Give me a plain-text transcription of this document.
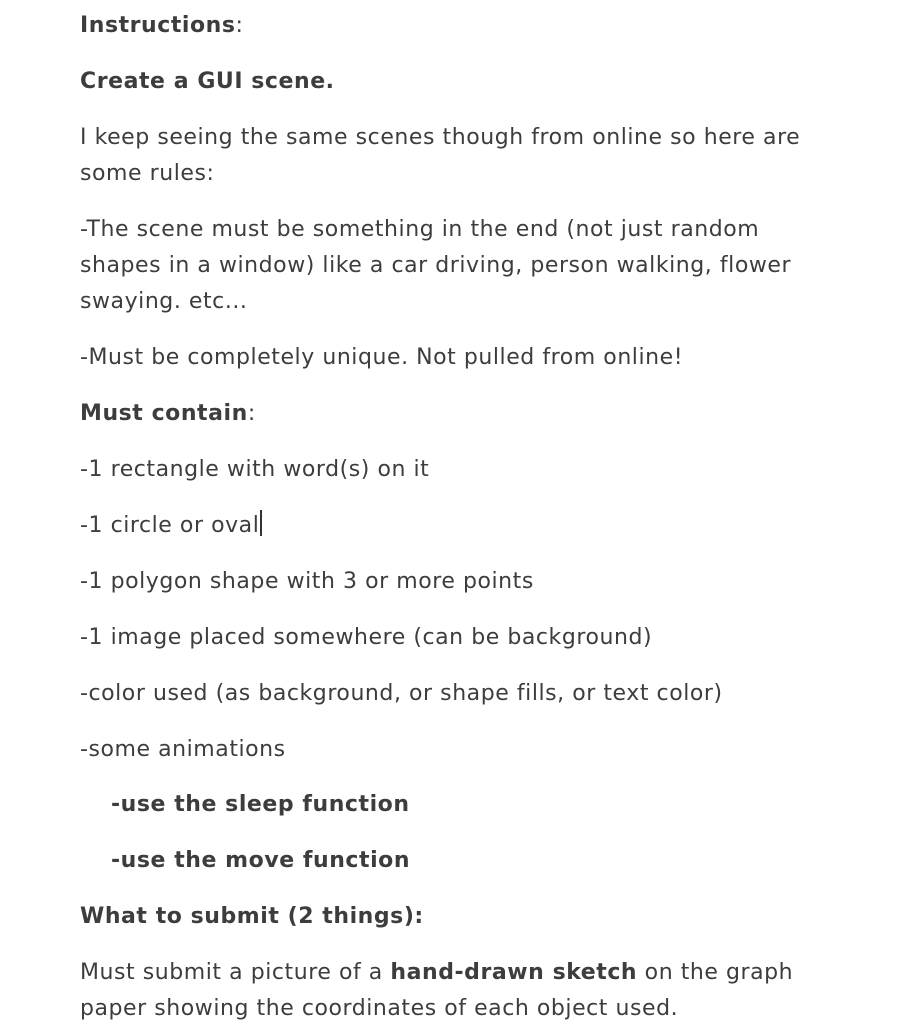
Instructions:

Create a GUI scene.

I keep seeing the same scenes though from online so here are

some rules:

-The scene must be something in the end (not just random

shapes in a window) like a car driving, person walking, flower

swaying. etc...

-Must be completely unique. Not pulled from online!

Must contain:

-1 rectangle with word(s) on it

-1 circle or oval

-1 polygon shape with 3 or more points

-1 image placed somewhere (can be background)

-color used (as background, or shape fills, or text color)

-some animations

-use the sleep function

-use the move function

What to submit (2 things):

Must submit a picture of a hand-drawn sketch on the graph

paper showing the coordinates of each object used.
